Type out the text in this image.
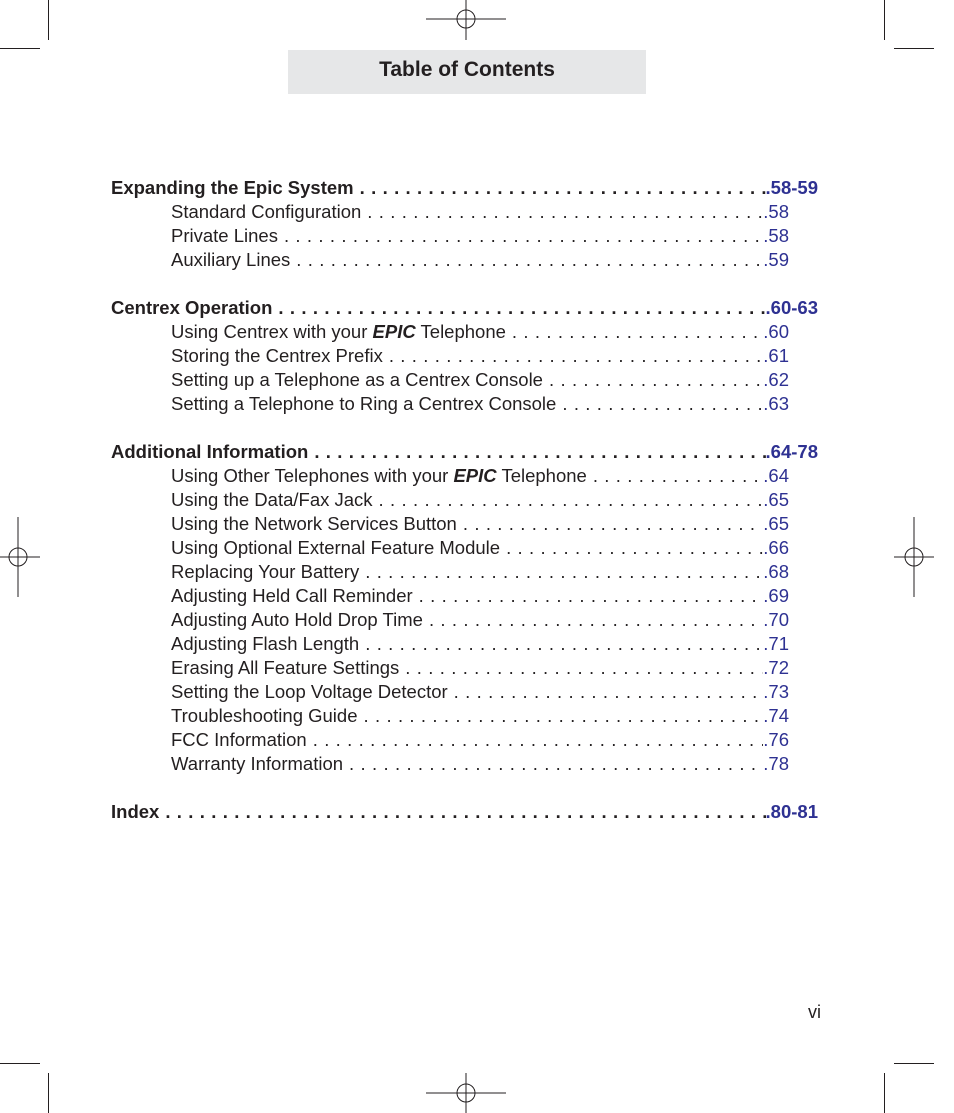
Table of Contents
Expanding the Epic System . . .	.58-59
Standard Configuration . . .	.58
Private Lines . . .	.58
Auxiliary Lines . . .	.59
Centrex Operation . . .	.60-63
Using Centrex with your EPIC Telephone . . .	.60
Storing the Centrex Prefix . . .	.61
Setting up a Telephone as a Centrex Console . . .	.62
Setting a Telephone to Ring a Centrex Console . . .	.63
Additional Information . . .	.64-78
Using Other Telephones with your EPIC Telephone . . .	.64
Using the Data/Fax Jack . . .	.65
Using the Network Services Button . . .	.65
Using Optional External Feature Module . . .	.66
Replacing Your Battery . . .	.68
Adjusting Held Call Reminder . . .	.69
Adjusting Auto Hold Drop Time . . .	.70
Adjusting Flash Length . . .	.71
Erasing All Feature Settings . . .	.72
Setting the Loop Voltage Detector . . .	.73
Troubleshooting Guide . . .	.74
FCC Information . . .	.76
Warranty Information . . .	.78
Index . . .	.80-81
vi
